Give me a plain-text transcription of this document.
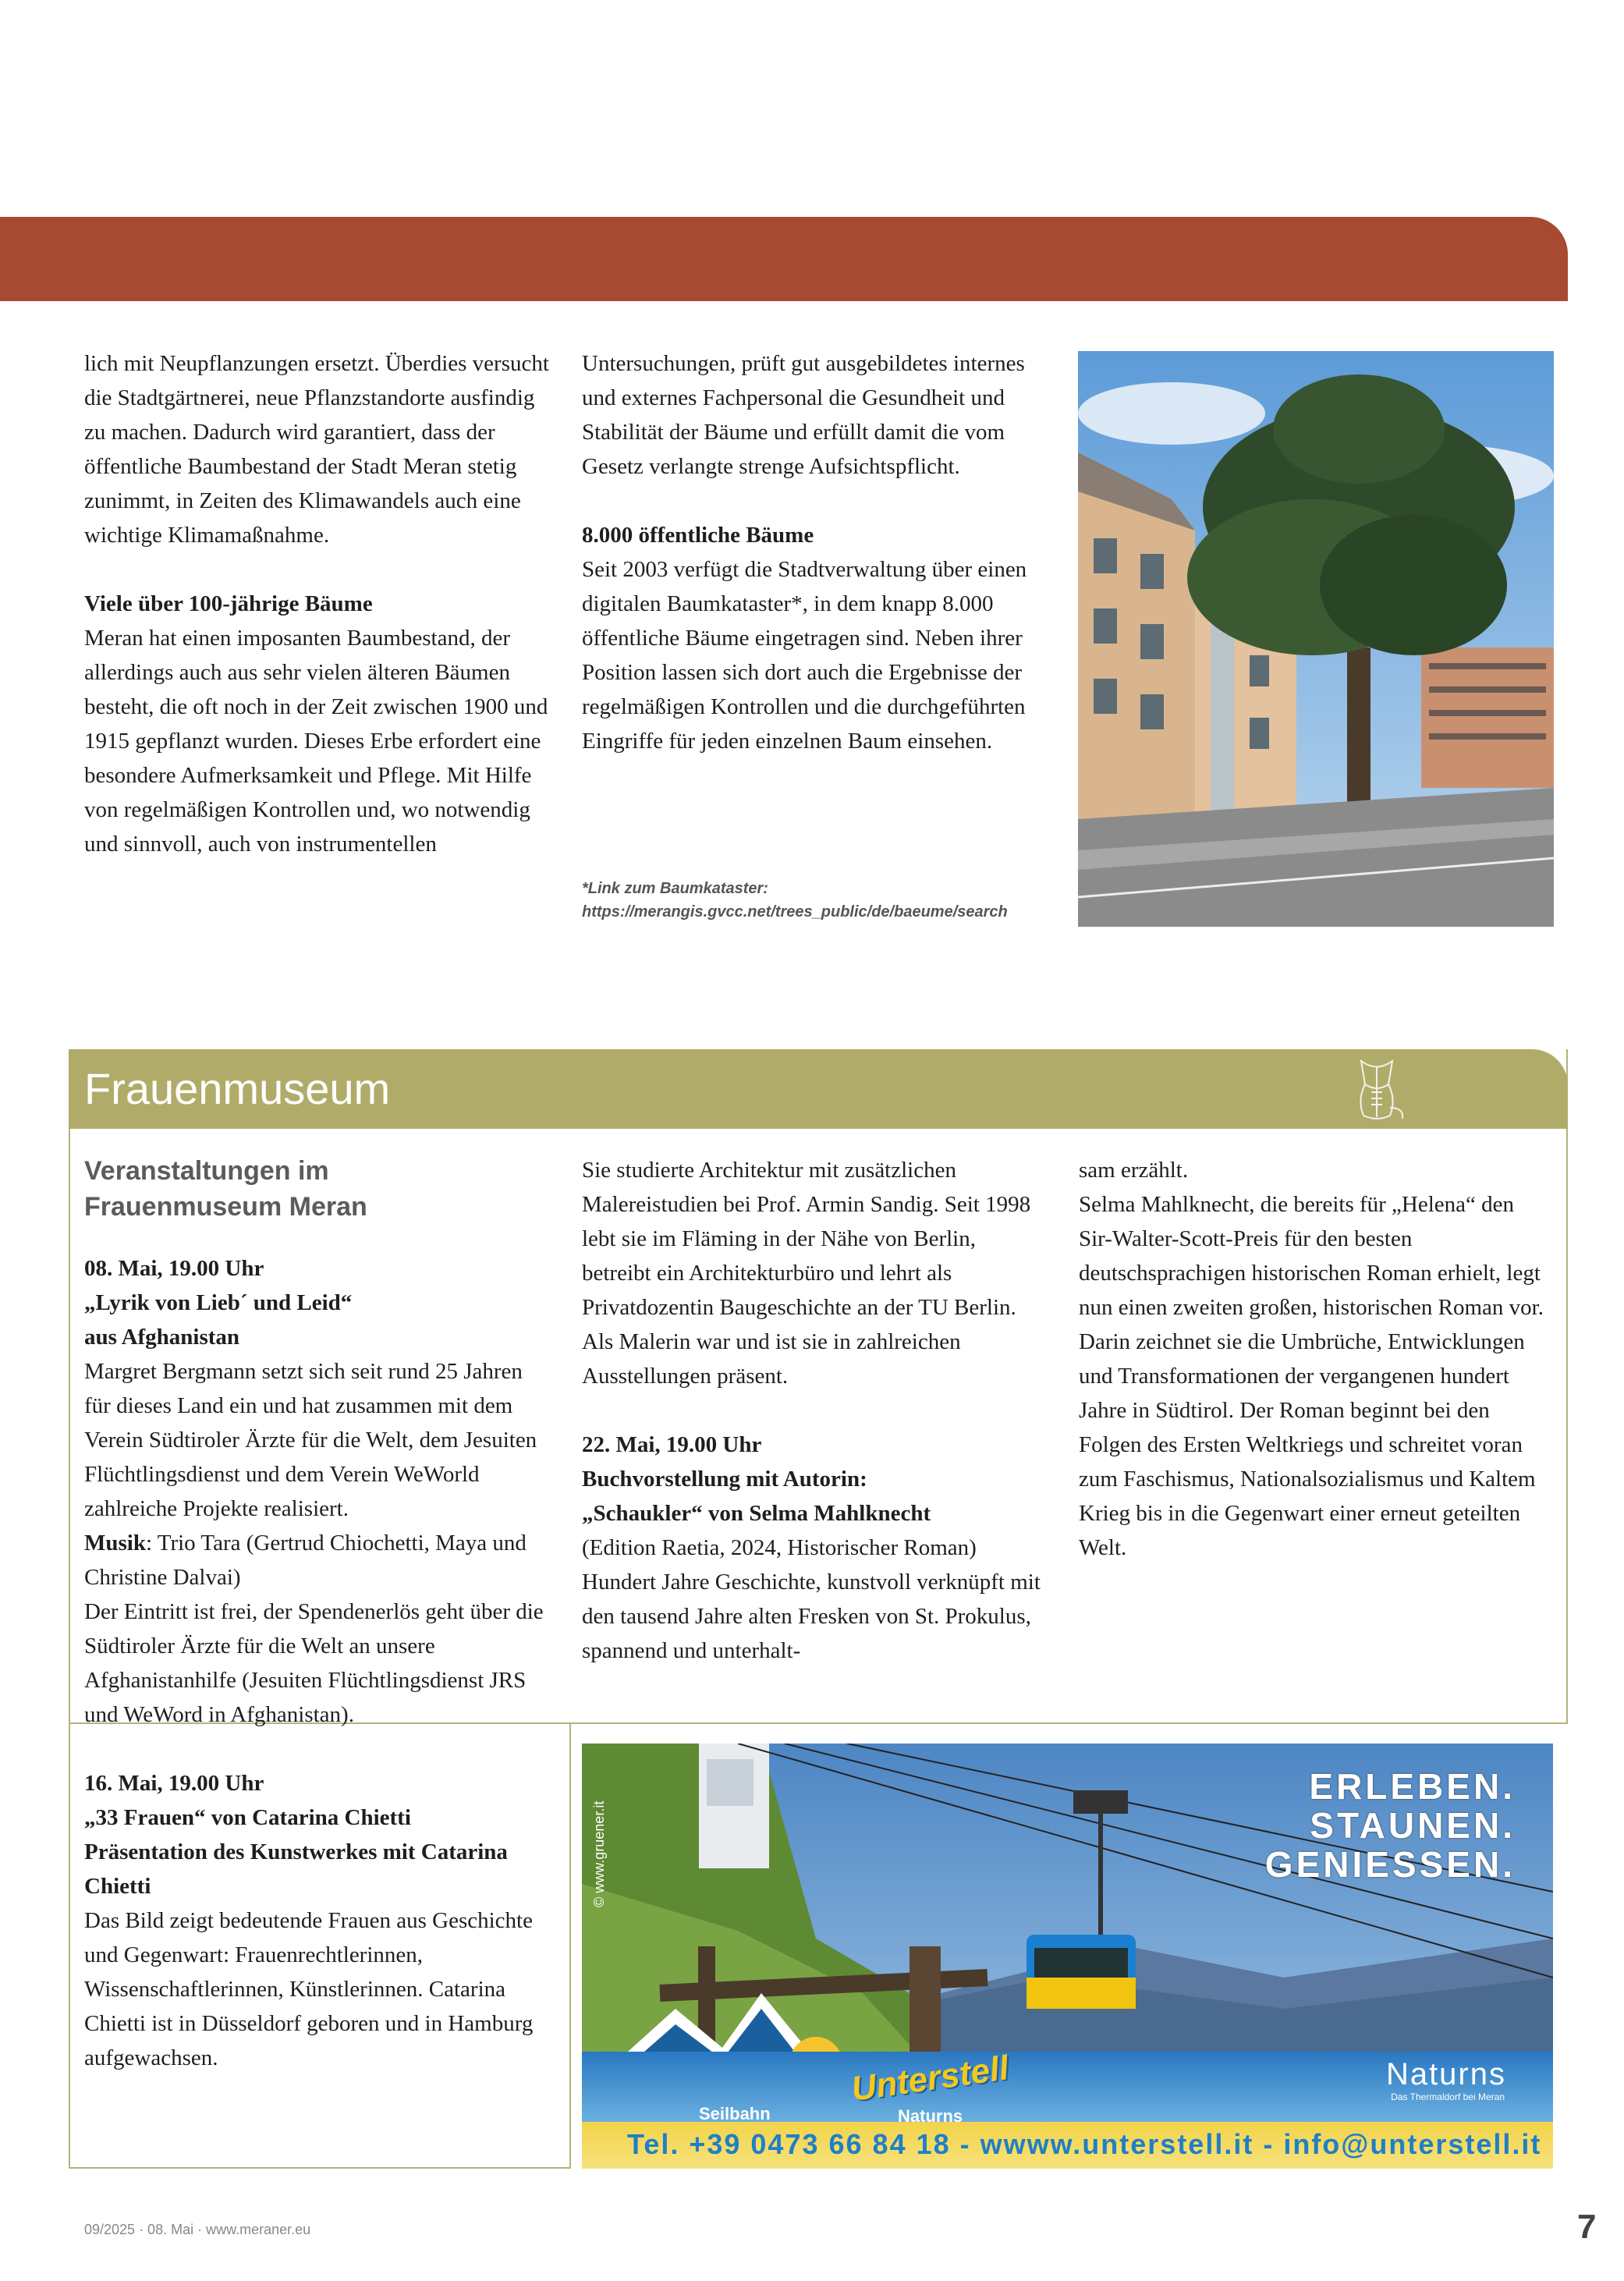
lich mit Neupflanzungen ersetzt. Überdies versucht die Stadtgärtnerei, neue Pflanzstandorte ausfindig zu machen. Dadurch wird garantiert, dass der öffentliche Baumbestand der Stadt Meran stetig zunimmt, in Zeiten des Klimawandels auch eine wichtige Klimamaßnahme.

Viele über 100-jährige Bäume

Meran hat einen imposanten Baumbestand, der allerdings auch aus sehr vielen älteren Bäumen besteht, die oft noch in der Zeit zwischen 1900 und 1915 gepflanzt wurden. Dieses Erbe erfordert eine besondere Aufmerksamkeit und Pflege. Mit Hilfe von regelmäßigen Kontrollen und, wo notwendig und sinnvoll, auch von instrumentellen

Untersuchungen, prüft gut ausgebildetes internes und externes Fachpersonal die Gesundheit und Stabilität der Bäume und erfüllt damit die vom Gesetz verlangte strenge Aufsichtspflicht.

8.000 öffentliche Bäume

Seit 2003 verfügt die Stadtverwaltung über einen digitalen Baumkataster*, in dem knapp 8.000 öffentliche Bäume eingetragen sind. Neben ihrer Position lassen sich dort auch die Ergebnisse der regelmäßigen Kontrollen und die durchgeführten Eingriffe für jeden einzelnen Baum einsehen.

*Link zum Baumkataster:
https://merangis.gvcc.net/trees_public/de/baeume/search
Frauenmuseum
Veranstaltungen im
Frauenmuseum Meran

08. Mai, 19.00 Uhr

„Lyrik von Lieb´ und Leid“

aus Afghanistan

Margret Bergmann setzt sich seit rund 25 Jahren für dieses Land ein und hat zusammen mit dem Verein Südtiroler Ärzte für die Welt, dem Jesuiten Flüchtlingsdienst und dem Verein WeWorld zahlreiche Projekte realisiert.

Musik: Trio Tara (Gertrud Chiochetti, Maya und Christine Dalvai)

Der Eintritt ist frei, der Spendenerlös geht über die Südtiroler Ärzte für die Welt an unsere Afghanistanhilfe (Jesuiten Flüchtlingsdienst JRS und WeWord in Afghanistan).

16. Mai, 19.00 Uhr

„33 Frauen“ von Catarina Chietti

Präsentation des Kunstwerkes mit Catarina Chietti

Das Bild zeigt bedeutende Frauen aus Geschichte und Gegenwart: Frauenrechtlerinnen, Wissenschaftlerinnen, Künstlerinnen. Catarina Chietti ist in Düsseldorf geboren und in Hamburg aufgewachsen.

Sie studierte Architektur mit zusätzlichen Malereistudien bei Prof. Armin Sandig. Seit 1998 lebt sie im Fläming in der Nähe von Berlin, betreibt ein Architekturbüro und lehrt als Privatdozentin Baugeschichte an der TU Berlin. Als Malerin war und ist sie in zahlreichen Ausstellungen präsent.

22. Mai, 19.00 Uhr

Buchvorstellung mit Autorin:

„Schaukler“ von Selma Mahlknecht

(Edition Raetia, 2024, Historischer Roman) Hundert Jahre Geschichte, kunstvoll verknüpft mit den tausend Jahre alten Fresken von St. Prokulus, spannend und unterhalt-

sam erzählt.

Selma Mahlknecht, die bereits für „Helena“ den Sir-Walter-Scott-Preis für den besten deutschsprachigen historischen Roman erhielt, legt nun einen zweiten großen, historischen Roman vor.

Darin zeichnet sie die Umbrüche, Entwicklungen und Transformationen der vergangenen hundert Jahre in Südtirol. Der Roman beginnt bei den Folgen des Ersten Weltkriegs und schreitet voran zum Faschismus, Nationalsozialismus und Kaltem Krieg bis in die Gegenwart einer erneut geteilten Welt.

ERLEBEN.
STAUNEN.
GENIESSEN.
© www.gruener.it
Unterstell
Seilbahn	Naturns
Naturns
Das Thermaldorf bei Meran
Tel. +39 0473 66 84 18 - wwww.unterstell.it - info@unterstell.it
09/2025 · 08. Mai · www.meraner.eu	7
